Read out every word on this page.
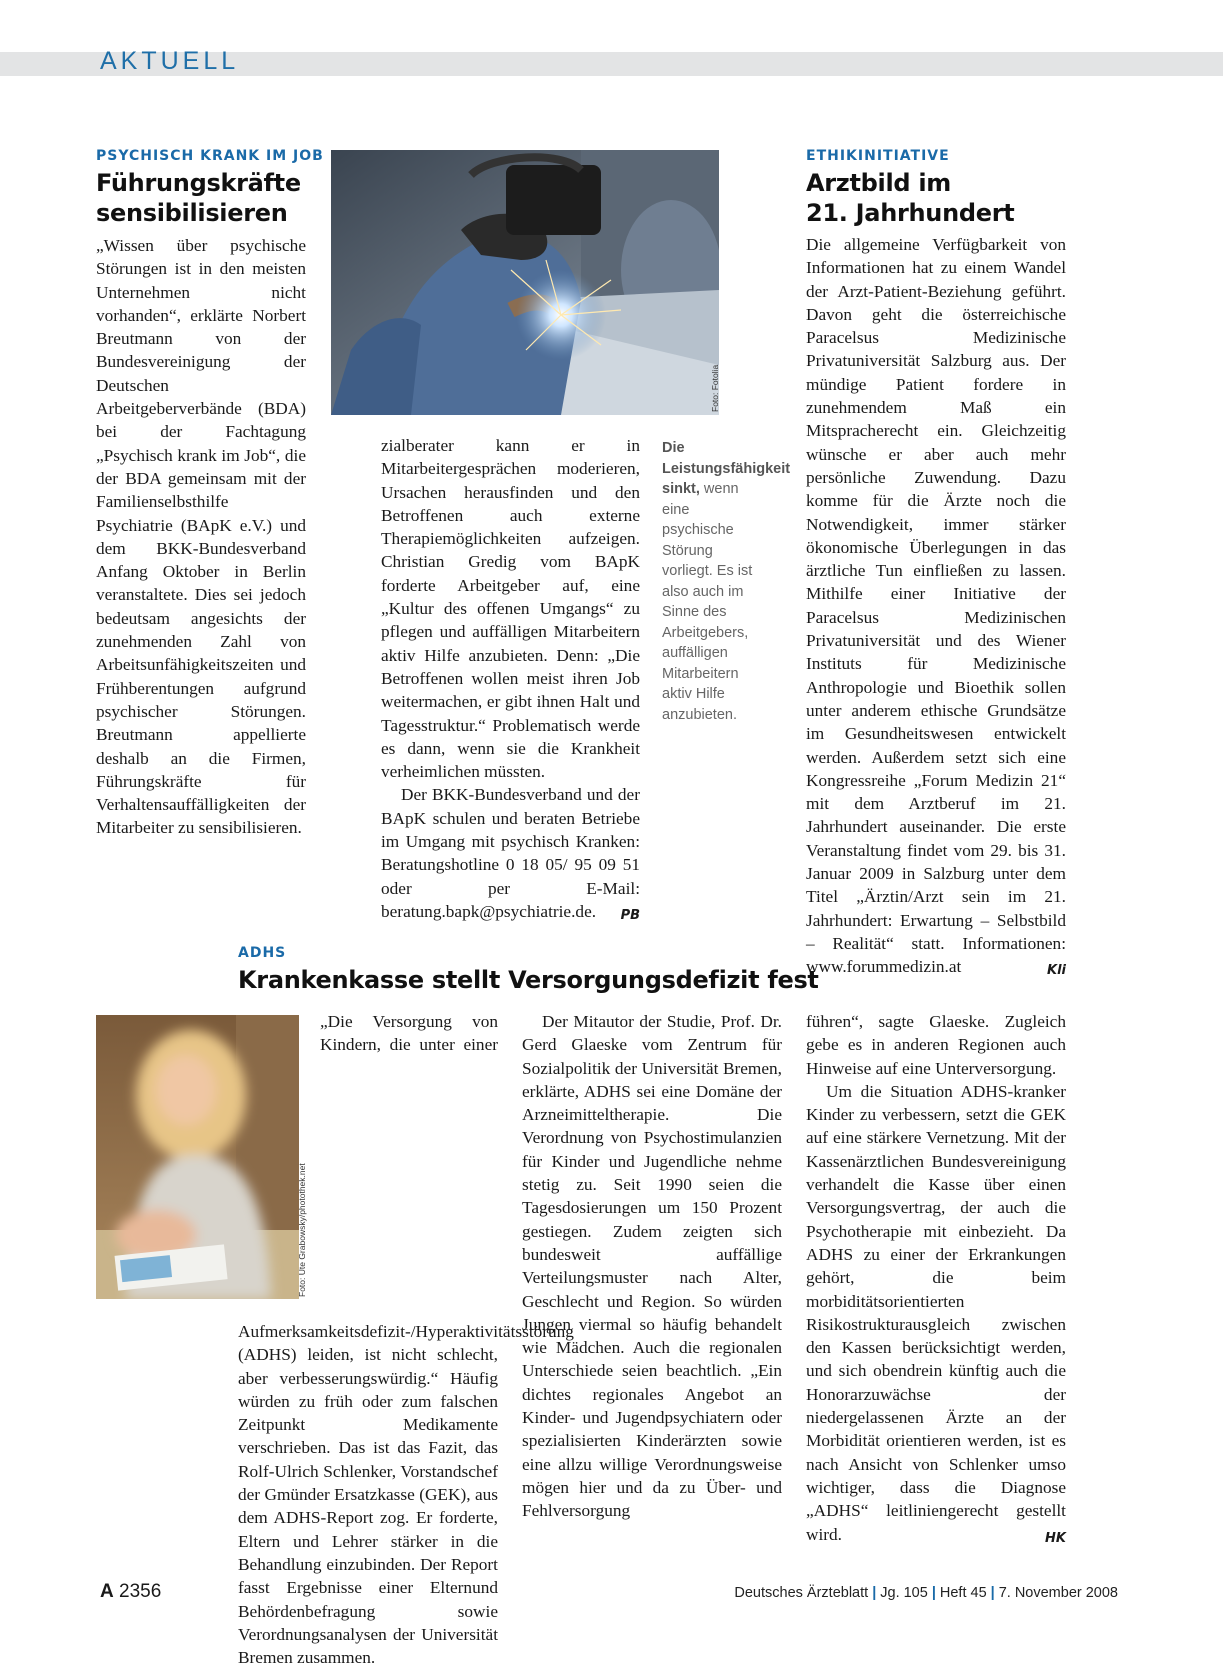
AKTUELL
PSYCHISCH KRANK IM JOB
Führungskräfte
sensibilisieren
Foto: Fotolia

„Wissen über psychische Störungen ist in den meisten Unternehmen nicht vorhanden“, erklärte Norbert Breutmann von der Bundesvereinigung der Deutschen Arbeitgeberverbände (BDA) bei der Fachtagung „Psychisch krank im Job“, die der BDA gemeinsam mit der Familienselbsthilfe Psychiatrie (BApK e.V.) und dem BKK-Bundesverband Anfang Oktober in Berlin veranstaltete. Dies sei jedoch bedeutsam angesichts der zunehmenden Zahl von Arbeitsunfähigkeitszeiten und Frühberentungen aufgrund psychischer Störungen. Breutmann appellierte deshalb an die Firmen, Führungskräfte für Verhaltensauffälligkeiten der Mitarbeiter zu sensibilisieren.

zialberater kann er in Mitarbeitergesprächen moderieren, Ursachen herausfinden und den Betroffenen auch externe Therapiemöglichkeiten aufzeigen. Christian Gredig vom BApK forderte Arbeitgeber auf, eine „Kultur des offenen Umgangs“ zu pflegen und auffälligen Mitarbeitern aktiv Hilfe anzubieten. Denn: „Die Betroffenen wollen meist ihren Job weitermachen, er gibt ihnen Halt und Tagesstruktur.“ Problematisch werde es dann, wenn sie die Krankheit verheimlichen müssten.

Der BKK-Bundesverband und der BApK schulen und beraten Betriebe im Umgang mit psychisch Kranken: Beratungshotline 0 18 05/ 95 09 51 oder per E-Mail: beratung.bapk@psychiatrie.de.	PB

Die Leistungsfähigkeit sinkt, wenn eine psychische Störung vorliegt. Es ist also auch im Sinne des Arbeitgebers, auffälligen Mitarbeitern aktiv Hilfe anzubieten.
ETHIKINITIATIVE
Arztbild im
21. Jahrhundert

Die allgemeine Verfügbarkeit von Informationen hat zu einem Wandel der Arzt-Patient-Beziehung geführt. Davon geht die österreichische Paracelsus Medizinische Privatuniversität Salzburg aus. Der mündige Patient fordere in zunehmendem Maß ein Mitspracherecht ein. Gleichzeitig wünsche er aber auch mehr persönliche Zuwendung. Dazu komme für die Ärzte noch die Notwendigkeit, immer stärker ökonomische Überlegungen in das ärztliche Tun einfließen zu lassen. Mithilfe einer Initiative der Paracelsus Medizinischen Privatuniversität und des Wiener Instituts für Medizinische Anthropologie und Bioethik sollen unter anderem ethische Grundsätze im Gesundheitswesen entwickelt werden. Außerdem setzt sich eine Kongressreihe „Forum Medizin 21“ mit dem Arztberuf im 21. Jahrhundert auseinander. Die erste Veranstaltung findet vom 29. bis 31. Januar 2009 in Salzburg unter dem Titel „Ärztin/Arzt sein im 21. Jahrhundert: Erwartung – Selbstbild – Realität“ statt. Informationen: www.forummedizin.at	Kli

ADHS
Krankenkasse stellt Versorgungsdefizit fest
Foto: Ute Grabowsky/photothek.net

„Die Versorgung von Kindern, die unter einer Aufmerksamkeitsdefizit-/Hyperaktivitätsstörung (ADHS) leiden, ist nicht schlecht, aber verbesserungswürdig.“ Häufig würden zu früh oder zum falschen Zeitpunkt Medikamente verschrieben. Das ist das Fazit, das Rolf-Ulrich Schlenker, Vorstandschef der Gmünder Ersatzkasse (GEK), aus dem ADHS-Report zog. Er forderte, Eltern und Lehrer stärker in die Behandlung einzubinden. Der Report fasst Ergebnisse einer Elternund Behördenbefragung sowie Verordnungsanalysen der Universität Bremen zusammen.

Der Mitautor der Studie, Prof. Dr. Gerd Glaeske vom Zentrum für Sozialpolitik der Universität Bremen, erklärte, ADHS sei eine Domäne der Arzneimitteltherapie. Die Verordnung von Psychostimulanzien für Kinder und Jugendliche nehme stetig zu. Seit 1990 seien die Tagesdosierungen um 150 Prozent gestiegen. Zudem zeigten sich bundesweit auffällige Verteilungsmuster nach Alter, Geschlecht und Region. So würden Jungen viermal so häufig behandelt wie Mädchen. Auch die regionalen Unterschiede seien beachtlich. „Ein dichtes regionales Angebot an Kinder- und Jugendpsychiatern oder spezialisierten Kinderärzten sowie eine allzu willige Verordnungsweise mögen hier und da zu Über- und Fehlversorgung

führen“, sagte Glaeske. Zugleich gebe es in anderen Regionen auch Hinweise auf eine Unterversorgung.

Um die Situation ADHS-kranker Kinder zu verbessern, setzt die GEK auf eine stärkere Vernetzung. Mit der Kassenärztlichen Bundesvereinigung verhandelt die Kasse über einen Versorgungsvertrag, der auch die Psychotherapie mit einbezieht. Da ADHS zu einer der Erkrankungen gehört, die beim morbiditätsorientierten Risikostrukturausgleich zwischen den Kassen berücksichtigt werden, und sich obendrein künftig auch die Honorarzuwächse der niedergelassenen Ärzte an der Morbidität orientieren werden, ist es nach Ansicht von Schlenker umso wichtiger, dass die Diagnose „ADHS“ leitliniengerecht gestellt wird.	HK

A 2356	Deutsches Ärzteblatt | Jg. 105 | Heft 45 | 7. November 2008
